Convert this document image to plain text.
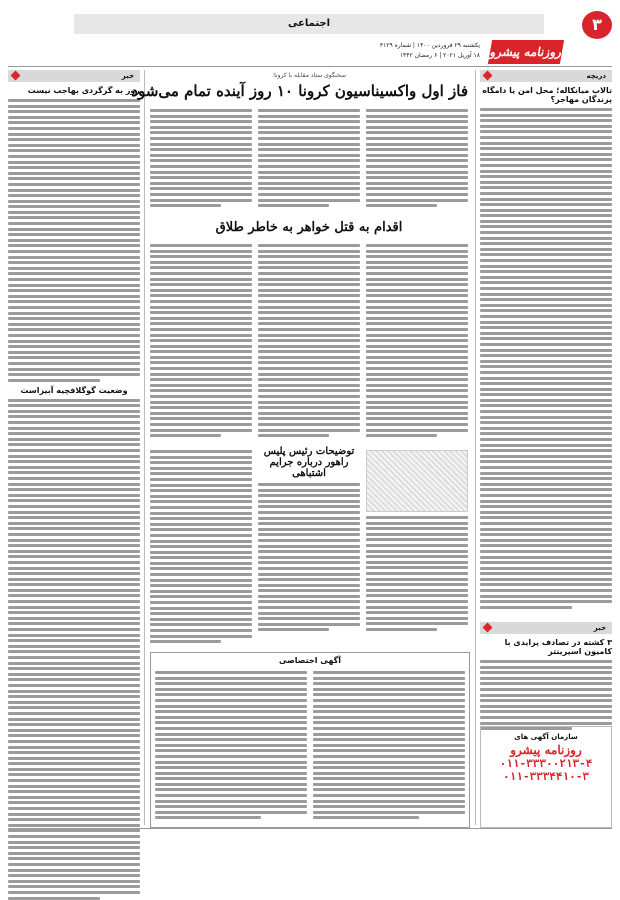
اجتماعی	۳
روزنامه پیشرو
یکشنبه ۲۹ فروردین ۱۴۰۰ | شماره ۳۱۲۹
۱۸ آوریل ۲۰۲۱ | ۶ رمضان ۱۴۴۲
دریچه
تالاب میانکاله؛ محل امن یا دامگاه پرندگان مهاجر؟
خبر
۳ کشته در تصادف پرایدی با کامیون اسپرینتر
سازمان آگهی های
روزنامه پیشرو
۰۱۱-۳۳۳۰۰۲۱۳-۴
۰۱۱-۳۳۳۴۴۱۰-۳
خبر
روز به گرگردی بهاجب نیست
وضعیت گوگلافچیه آبیزاست
سخنگوی ستاد مقابله با کرونا:
فاز اول واکسیناسیون کرونا ۱۰ روز آینده تمام می‌شود
اقدام به قتل خواهر به خاطر طلاق
توضیحات رئیس پلیس راهور درباره جرایم اشتباهی
آگهی اختصاصی
